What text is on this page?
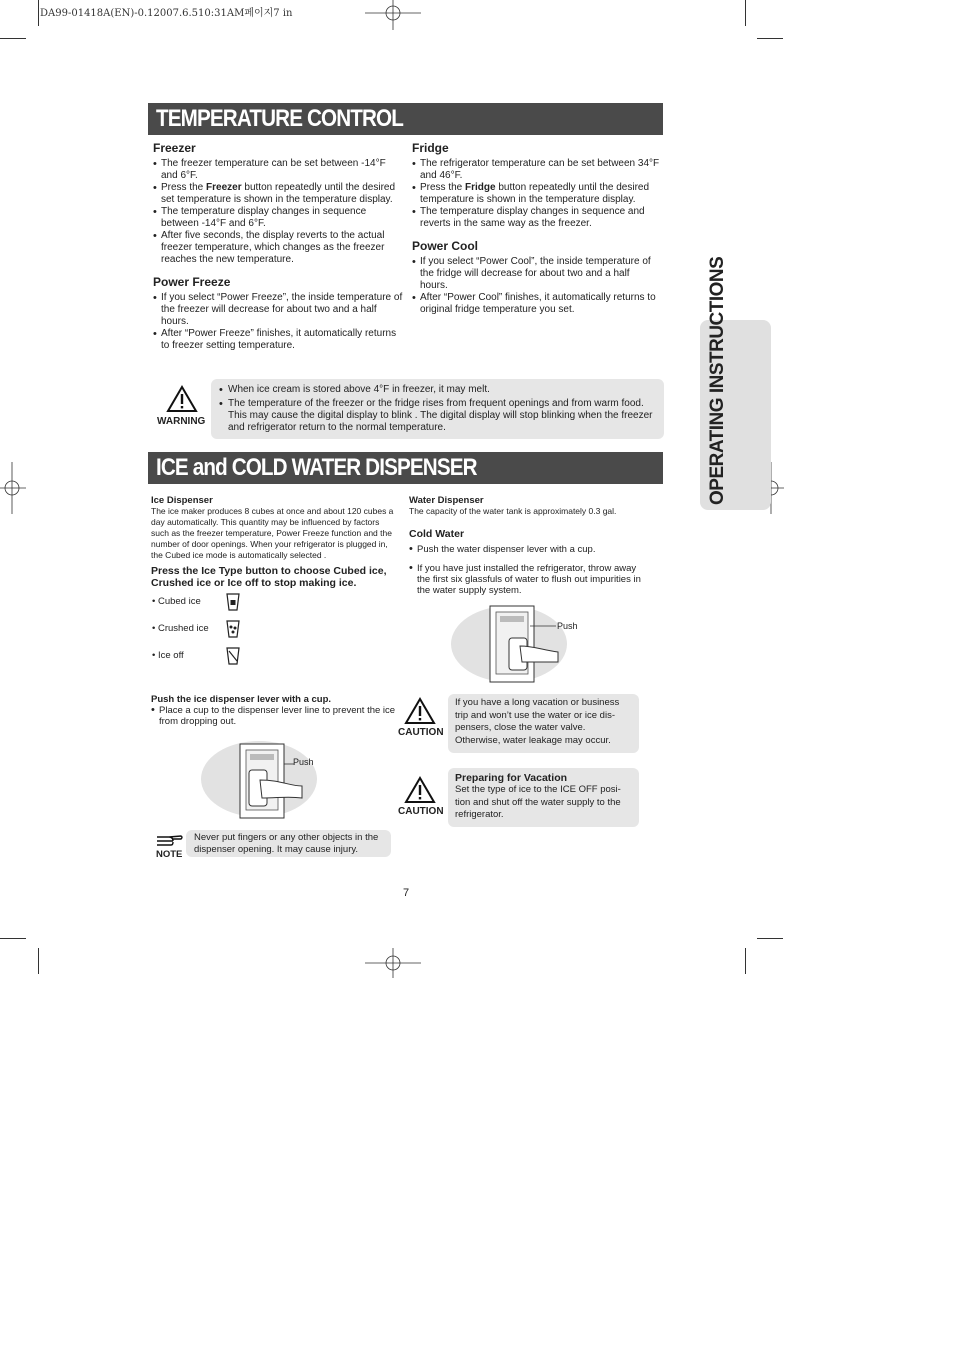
DA99-01418A(EN)-0.12007.6.510:31AM페이지7 in
OPERATING INSTRUCTIONS
TEMPERATURE CONTROL
Freezer

• The freezer temperature can be set between -14°F and 6°F.

• Press the Freezer button repeatedly until the desired set temperature is shown in the temperature display.

• The temperature display changes in sequence between -14°F and 6°F.

• After five seconds, the display reverts to the actual freezer temperature, which changes as the freezer reaches the new temperature.

Power Freeze

• If you select “Power Freeze”, the inside temperature of the freezer will decrease for about two and a half hours.

• After “Power Freeze” finishes, it automatically returns to freezer setting temperature.

Fridge

• The refrigerator temperature can be set between 34°F and 46°F.

• Press the Fridge button repeatedly until the desired temperature is shown in the temperature display.

• The temperature display changes in sequence and reverts in the same way as the freezer.

Power Cool

• If you select “Power Cool”, the inside temperature of the fridge will decrease for about two and a half hours.

• After “Power Cool” finishes, it automatically returns to original fridge temperature you set.

WARNING

• When ice cream is stored above 4°F in freezer, it may melt.

• The temperature of the freezer or the fridge rises from frequent openings and from warm food. This may cause the digital display to blink . The digital display will stop blinking when the freezer and refrigerator return to the normal temperature.

ICE and COLD WATER DISPENSER
Ice Dispenser

The ice maker produces 8 cubes at once and about 120 cubes a day automatically. This quantity may be influenced by factors such as the freezer temperature, Power Freeze function and the number of door openings. When your refrigerator is plugged in, the Cubed ice mode is automatically selected .

Press the Ice Type button to choose Cubed ice, Crushed ice or Ice off to stop making ice.

• Cubed ice
• Crushed ice
• Ice off
Push the ice dispenser lever with a cup.

• Place a cup to the dispenser lever line to prevent the ice from dropping out.

Push
NOTE

Never put fingers or any other objects in the dispenser opening. It may cause injury.

Water Dispenser

The capacity of the water tank is approximately 0.3 gal.

Cold Water

• Push the water dispenser lever with a cup.

• If you have just installed the refrigerator, throw away the first six glassfuls of water to flush out impurities in the water supply system.

Push
CAUTION

If you have a long vacation or business trip and won’t use the water or ice dis-pensers, close the water valve. Otherwise, water leakage may occur.

CAUTION
Preparing for Vacation

Set the type of ice to the ICE OFF posi-tion and shut off the water supply to the refrigerator.

7
